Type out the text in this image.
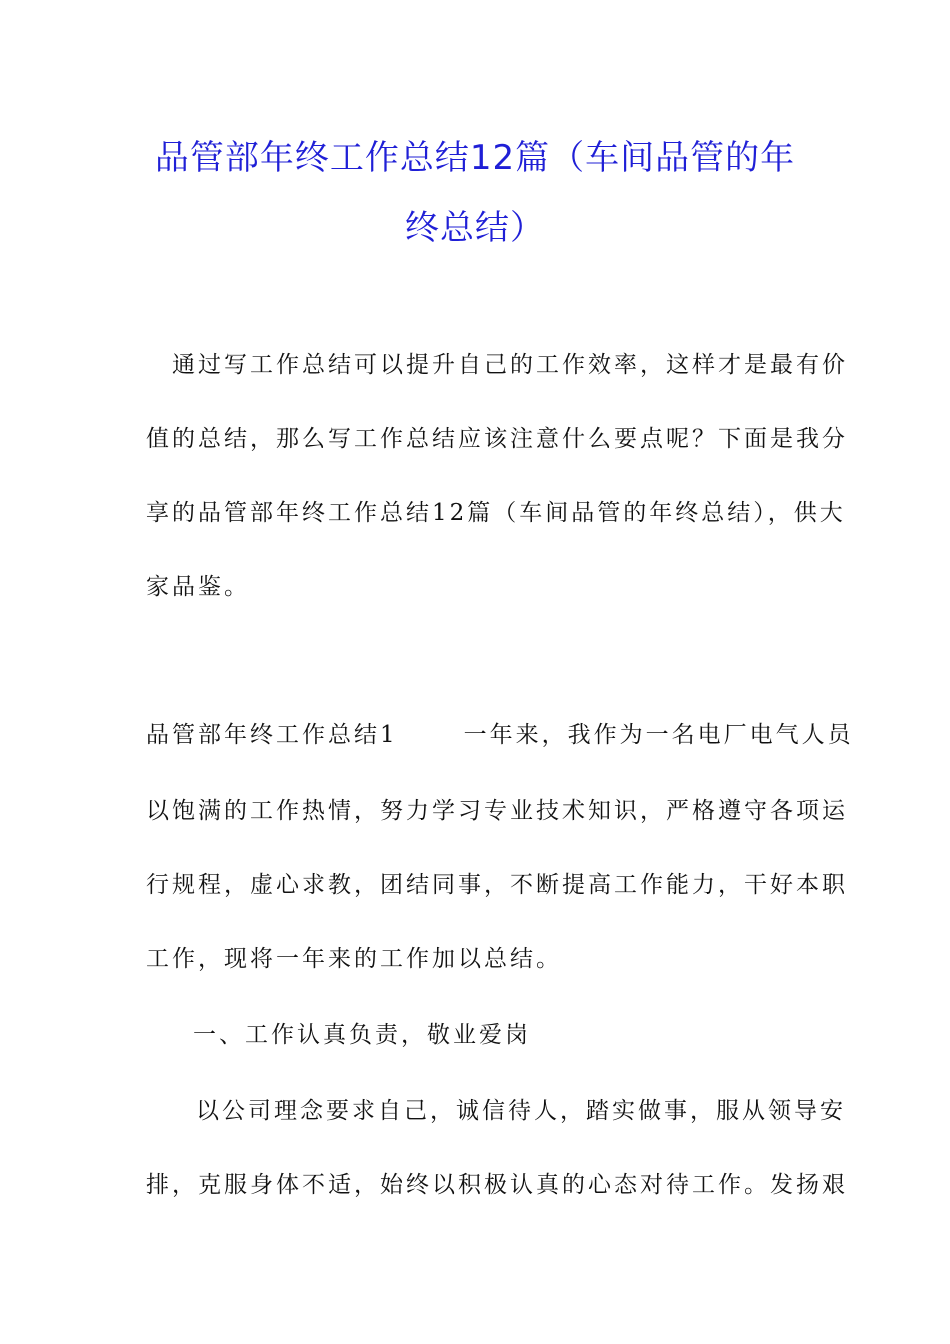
品管部年终工作总结12篇（车间品管的年
终总结）
通过写工作总结可以提升自己的工作效率，这样才是最有价
值的总结，那么写工作总结应该注意什么要点呢？下面是我分
享的品管部年终工作总结12篇（车间品管的年终总结），供大
家品鉴。
品管部年终工作总结1	一年来，我作为一名电厂电气人员
以饱满的工作热情，努力学习专业技术知识，严格遵守各项运
行规程，虚心求教，团结同事，不断提高工作能力，干好本职
工作，现将一年来的工作加以总结。
一、工作认真负责，敬业爱岗
以公司理念要求自己，诚信待人，踏实做事，服从领导安
排，克服身体不适，始终以积极认真的心态对待工作。发扬艰
